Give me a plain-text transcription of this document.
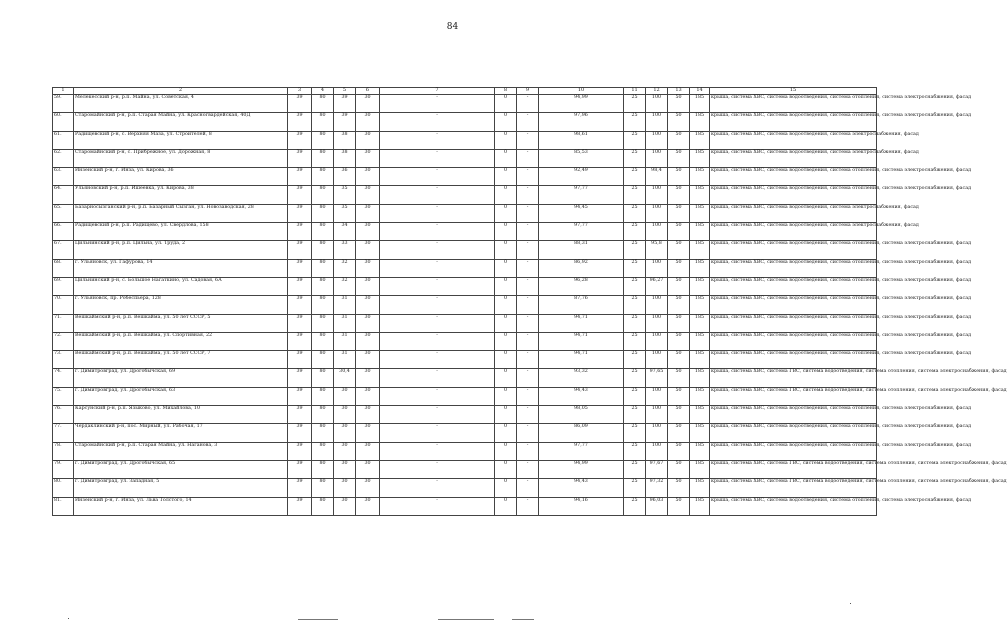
84
1	2	3	4	5	6	7	8	9	10	11	12	13	14	15
59.	Мелекесский р-н, р.п. Майна, ул. Советская, 4	39	80	39	30	-	0	-	94,99	25	100	50	185	крыша, система ХВС, система водоотведения, система отопления, система электроснабжения, фасад
60.	Старомайнский р-н, р.п. Старая Майна, ул. Красногвардейская, 40Д	39	80	39	30	-	0	-	97,96	25	100	50	185	крыша, система ХВС, система водоотведения, система отопления, система электроснабжения, фасад
61.	Радищевский р-н, с. Верхняя Мазa, ул. Строителей, 8	39	80	38	30	-	0	-	98,61	25	100	50	185	крыша, система ХВС, система водоотведения, система электроснабжения, фасад
62.	Старомайнский р-н, с. Прибрежное, ул. Дорожная, 8	39	80	38	30	-	0	-	85,53	25	100	50	185	крыша, система ХВС, система водоотведения, система электроснабжения, фасад
63.	Инзенский р-н, г. Инза, ул. Кирова, 36	39	80	36	30	-	0	-	92,49	25	98,4	50	185	крыша, система ХВС, система водоотведения, система отопления, система электроснабжения, фасад
64.	Ульяновский р-н, р.п. Ишеевка, ул. Кирова, 38	39	80	35	30	-	0	-	97,77	25	100	50	185	крыша, система ХВС, система водоотведения, система отопления, система электроснабжения, фасад
65.	Базарносызганский р-н, р.п. Базарный Сызган, ул. Новозаводская, 28	39	80	35	30	-	0	-	94,45	25	100	50	185	крыша, система ХВС, система водоотведения, система электроснабжения, фасад
66.	Радищевский р-н, р.п. Радищево, ул. Свердлова, 158	39	80	34	30	-	0	-	97,77	25	100	50	185	крыша, система ХВС, система водоотведения, система электроснабжения, фасад
67.	Цильнинский р-н, р.п. Цильна, ул. Труда, 2	39	80	33	30	-	0	-	88,31	25	95,8	50	185	крыша, система ХВС, система водоотведения, система отопления, система электроснабжения, фасад
68.	г. Ульяновск, ул. Гафурова, 14	39	80	32	30	-	0	-	86,92	25	100	50	185	крыша, система ХВС, система водоотведения, система отопления, система электроснабжения, фасад
69.	Цильнинский р-н, с. Большое Нагаткино, ул. Садовая, 6А	39	80	32	30	-	0	-	96,28	25	96,27	50	185	крыша, система ХВС, система водоотведения, система отопления, система электроснабжения, фасад
70.	г. Ульяновск, пр. Робеспьера, 128	39	80	31	30	-	0	-	87,76	25	100	50	185	крыша, система ХВС, система водоотведения, система отопления, система электроснабжения, фасад
71.	Вешкаймский р-н, р.п. Вешкайма, ул. 50 лет СССР, 5	39	80	31	30	-	0	-	94,71	25	100	50	185	крыша, система ХВС, система водоотведения, система отопления, система электроснабжения, фасад
72.	Вешкаймский р-н, р.п. Вешкайма, ул. Спортивная, 22	39	80	31	30	-	0	-	94,71	25	100	50	185	крыша, система ХВС, система водоотведения, система отопления, система электроснабжения, фасад
73.	Вешкаймский р-н, р.п. Вешкайма, ул. 50 лет СССР, 7	39	80	31	30	-	0	-	94,71	25	100	50	185	крыша, система ХВС, система водоотведения, система отопления, система электроснабжения, фасад
74.	г. Димитровград, ул. Дрогобычская, 69	39	80	30,4	30	-	0	-	93,32	25	97,65	50	185	крыша, система ХВС, система ГВС, система водоотведения, система отопления, система электроснабжения, фасад
75.	г. Димитровград, ул. Дрогобычская, 63	39	80	30	30	-	0	-	94,43	25	100	50	185	крыша, система ХВС, система ГВС, система водоотведения, система отопления, система электроснабжения, фасад
76.	Карсунский р-н, р.п. Языково, ул. Михайлова, 10	39	80	30	30	-	0	-	98,05	25	100	50	185	крыша, система ХВС, система водоотведения, система отопления, система электроснабжения, фасад
77.	Чердаклинский р-н, пос. Мирный, ул. Рабочая, 17	39	80	30	30	-	0	-	86,09	25	100	50	185	крыша, система ХВС, система водоотведения, система отопления, система электроснабжения, фасад
78.	Старомайнский р-н, р.п. Старая Майна, ул. Наганова, 3	39	80	30	30	-	0	-	97,77	25	100	50	185	крыша, система ХВС, система водоотведения, система отопления, система электроснабжения, фасад
79.	г. Димитровград, ул. Дрогобычская, 65	39	80	30	30	-	0	-	94,99	25	97,67	50	185	крыша, система ХВС, система ГВС, система водоотведения, система отопления, система электроснабжения, фасад
80.	г. Димитровград, ул. Западная, 5	39	80	30	30	-	0	-	94,43	25	97,32	50	185	крыша, система ХВС, система ГВС, система водоотведения, система отопления, система электроснабжения, фасад
81.	Инзенский р-н, г. Инза, ул. Льва Толстого, 14	39	80	30	30	-	0	-	94,16	25	96,03	50	185	крыша, система ХВС, система водоотведения, система отопления, система электроснабжения, фасад
